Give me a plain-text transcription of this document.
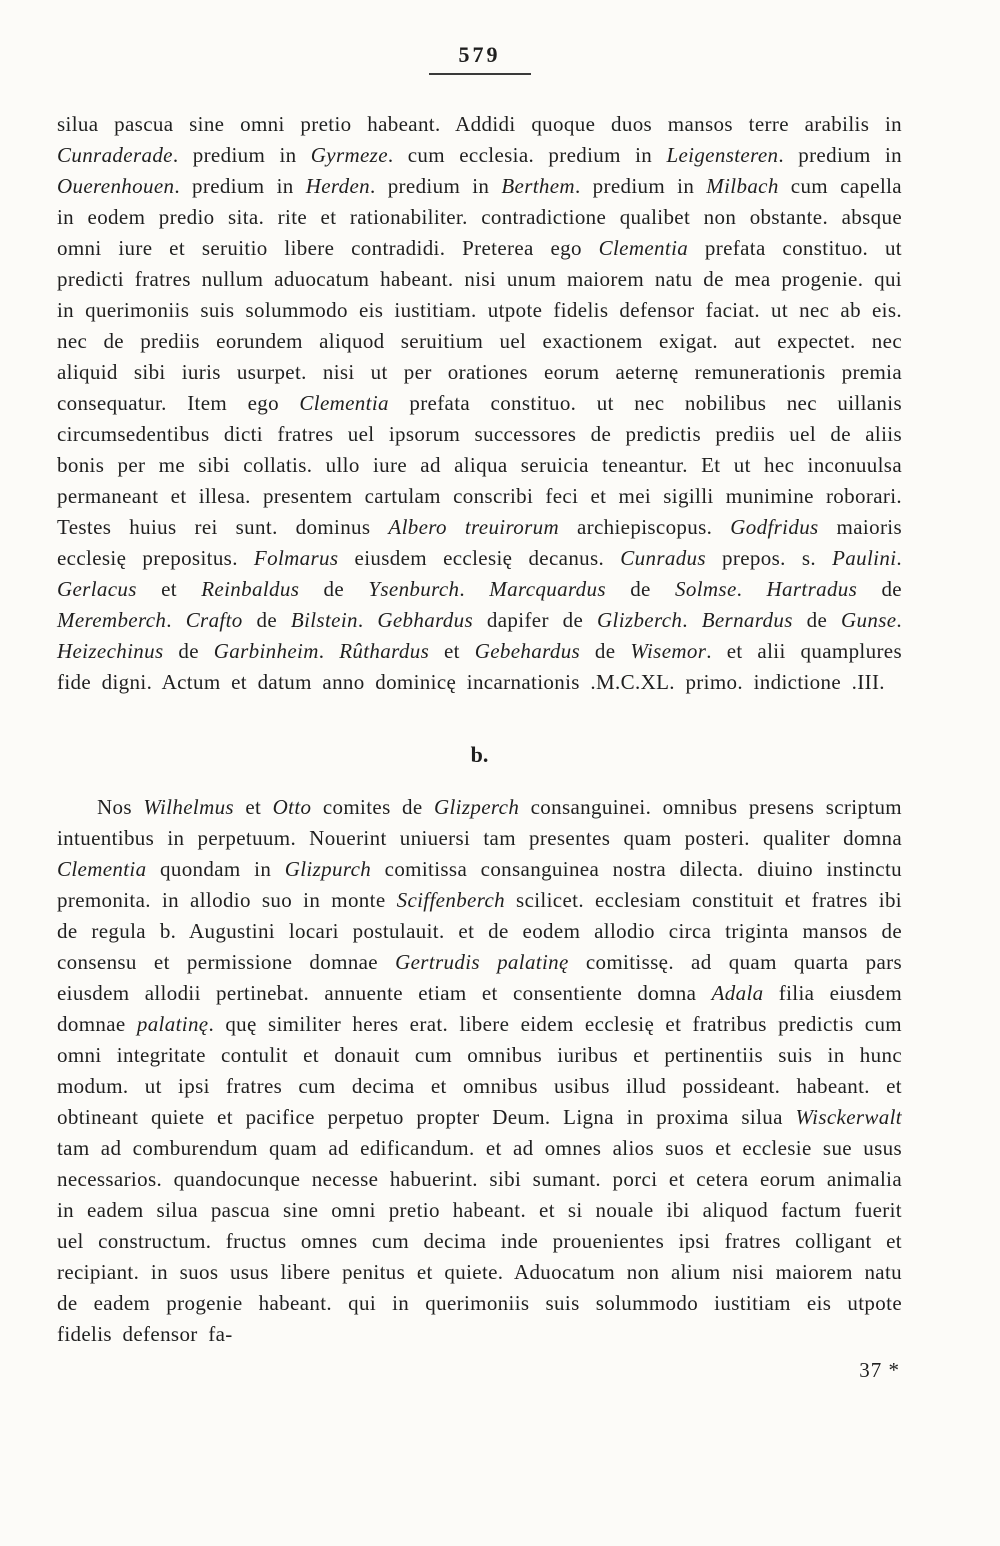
579

silua pascua sine omni pretio habeant. Addidi quoque duos mansos terre arabilis in Cunraderade. predium in Gyrmeze. cum ecclesia. predium in Leigensteren. predium in Ouerenhouen. predium in Herden. predium in Berthem. predium in Milbach cum capella in eodem predio sita. rite et rationabiliter. contradictione qualibet non obstante. absque omni iure et seruitio libere contradidi. Preterea ego Clementia prefata constituo. ut predicti fratres nullum aduocatum habeant. nisi unum maiorem natu de mea progenie. qui in querimoniis suis solummodo eis iustitiam. utpote fidelis defensor faciat. ut nec ab eis. nec de prediis eorundem aliquod seruitium uel exactionem exigat. aut expectet. nec aliquid sibi iuris usurpet. nisi ut per orationes eorum aeternę remunerationis premia consequatur. Item ego Clementia prefata constituo. ut nec nobilibus nec uillanis circumsedentibus dicti fratres uel ipsorum successores de predictis prediis uel de aliis bonis per me sibi collatis. ullo iure ad aliqua seruicia teneantur. Et ut hec inconuulsa permaneant et illesa. presentem cartulam conscribi feci et mei sigilli munimine roborari. Testes huius rei sunt. dominus Albero treuirorum archiepiscopus. Godfridus maioris ecclesię prepositus. Folmarus eiusdem ecclesię decanus. Cunradus prepos. s. Paulini. Gerlacus et Reinbaldus de Ysenburch. Marcquardus de Solmse. Hartradus de Meremberch. Crafto de Bilstein. Gebhardus dapifer de Glizberch. Bernardus de Gunse. Heizechinus de Garbinheim. Rûthardus et Gebehardus de Wisemor. et alii quamplures fide digni. Actum et datum anno dominicę incarnationis .M.C.XL. primo. indictione .III.

b.

Nos Wilhelmus et Otto comites de Glizperch consanguinei. omnibus presens scriptum intuentibus in perpetuum. Nouerint uniuersi tam presentes quam posteri. qualiter domna Clementia quondam in Glizpurch comitissa consanguinea nostra dilecta. diuino instinctu premonita. in allodio suo in monte Sciffenberch scilicet. ecclesiam constituit et fratres ibi de regula b. Augustini locari postulauit. et de eodem allodio circa triginta mansos de consensu et permissione domnae Gertrudis palatinę comitissę. ad quam quarta pars eiusdem allodii pertinebat. annuente etiam et consentiente domna Adala filia eiusdem domnae palatinę. quę similiter heres erat. libere eidem ecclesię et fratribus predictis cum omni integritate contulit et donauit cum omnibus iuribus et pertinentiis suis in hunc modum. ut ipsi fratres cum decima et omnibus usibus illud possideant. habeant. et obtineant quiete et pacifice perpetuo propter Deum. Ligna in proxima silua Wisckerwalt tam ad comburendum quam ad edificandum. et ad omnes alios suos et ecclesie sue usus necessarios. quandocunque necesse habuerint. sibi sumant. porci et cetera eorum animalia in eadem silua pascua sine omni pretio habeant. et si nouale ibi aliquod factum fuerit uel constructum. fructus omnes cum decima inde prouenientes ipsi fratres colligant et recipiant. in suos usus libere penitus et quiete. Aduocatum non alium nisi maiorem natu de eadem progenie habeant. qui in querimoniis suis solummodo iustitiam eis utpote fidelis defensor fa-

37 *
